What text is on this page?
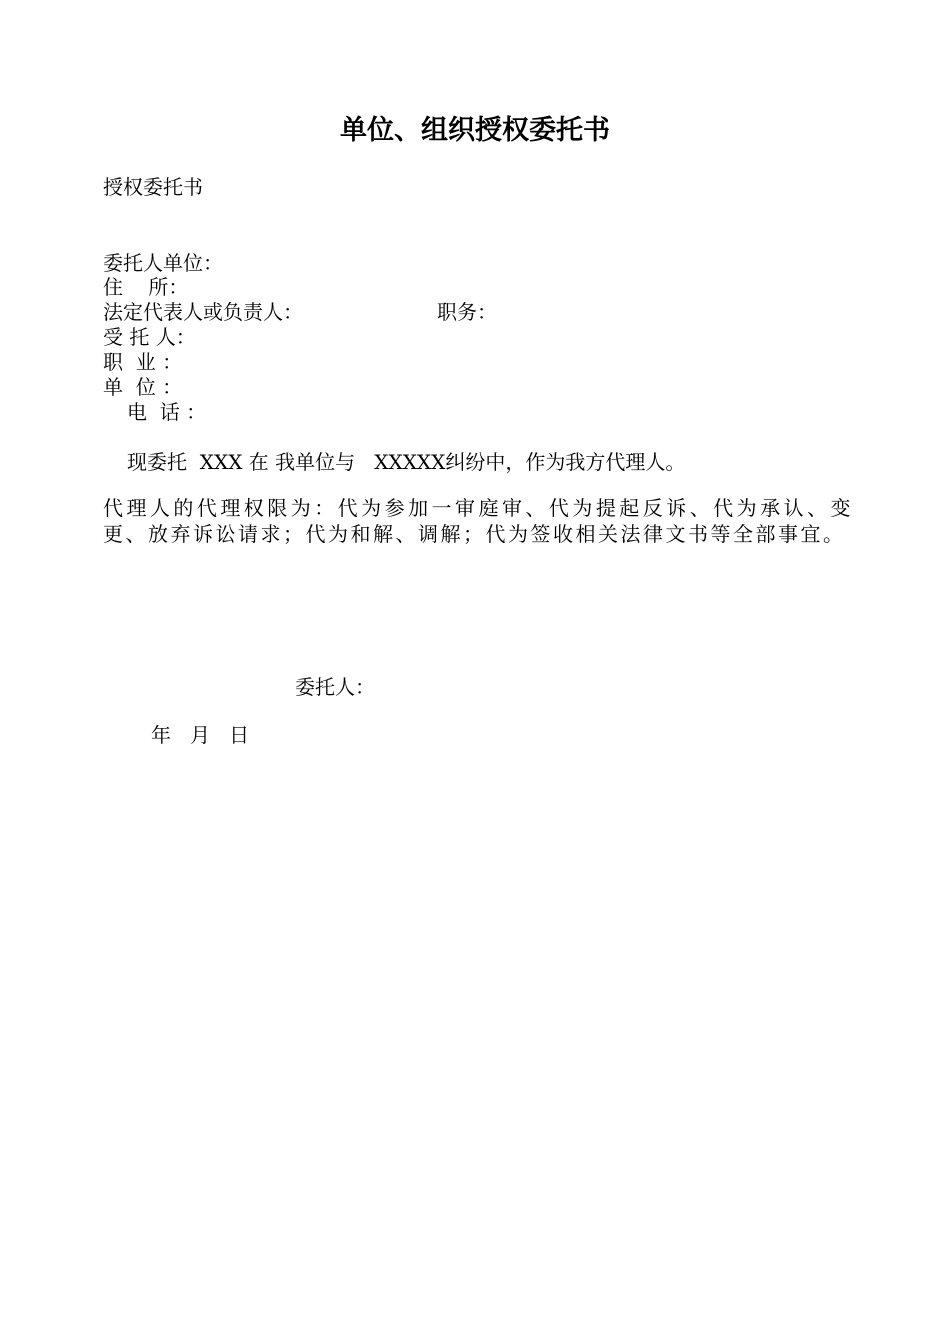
单位、组织授权委托书
授权委托书
委托人单位：
住    所：
法定代表人或负责人：	职务：
受 托 人：
职  业 ：
单  位 ：
电  话 ：
现委托  XXX 在 我单位与   XXXXX纠纷中，作为我方代理人。
代理人的代理权限为：代为参加一审庭审、代为提起反诉、代为承认、变更、放弃诉讼请求；代为和解、调解；代为签收相关法律文书等全部事宜。
委托人：
年   月   日
